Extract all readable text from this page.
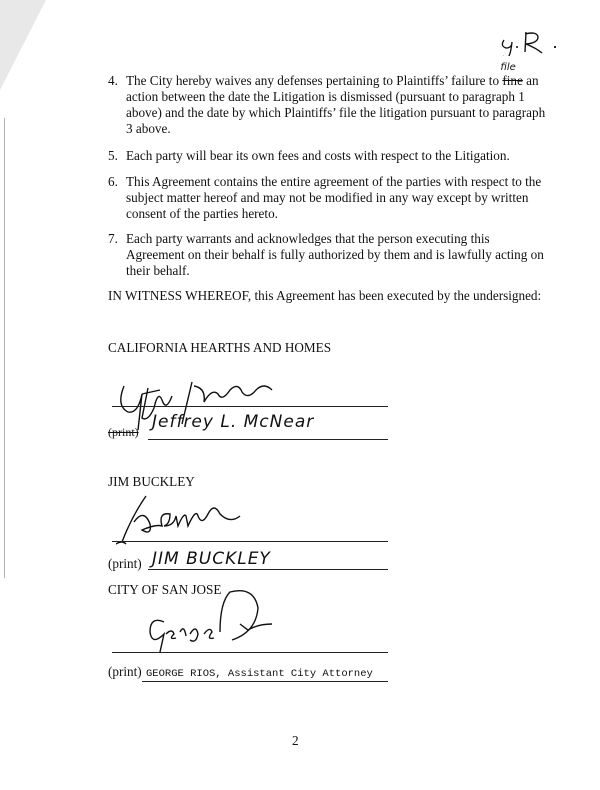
4. The City hereby waives any defenses pertaining to Plaintiffs’ failure to
file
fine an action between the date the Litigation is dismissed (pursuant to paragraph 1 above) and the date by which Plaintiffs’ file the litigation pursuant to paragraph 3 above.
5. Each party will bear its own fees and costs with respect to the Litigation.
6. This Agreement contains the entire agreement of the parties with respect to the subject matter hereof and may not be modified in any way except by written consent of the parties hereto.
7. Each party warrants and acknowledges that the person executing this Agreement on their behalf is fully authorized by them and is lawfully acting on their behalf.
IN WITNESS WHEREOF, this Agreement has been executed by the undersigned:
CALIFORNIA HEARTHS AND HOMES
(print) Jeffrey L. McNear
JIM BUCKLEY
(print) JIM BUCKLEY
CITY OF SAN JOSE
(print) GEORGE RIOS, Assistant City Attorney
2
